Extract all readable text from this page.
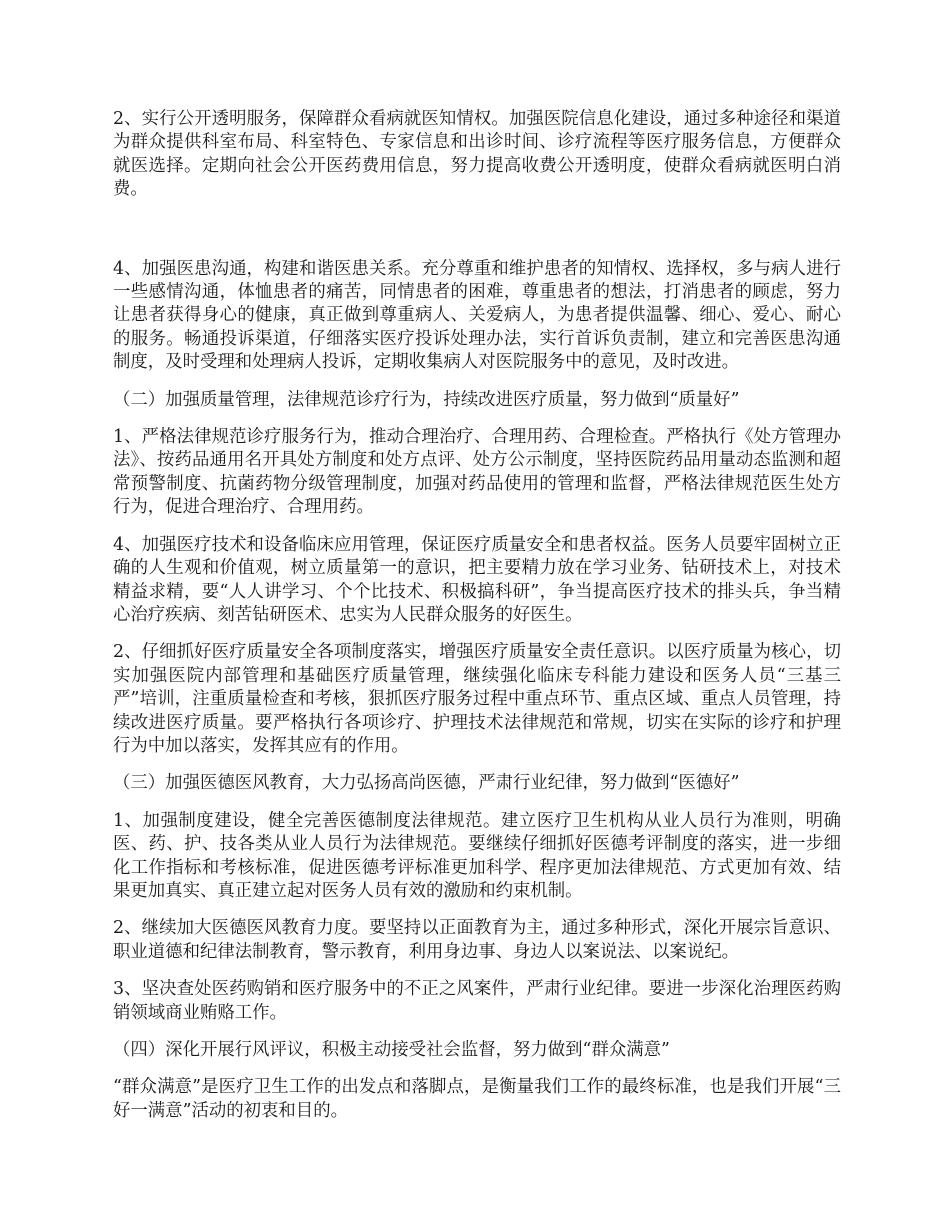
2、实行公开透明服务，保障群众看病就医知情权。加强医院信息化建设，通过多种途径和渠道为群众提供科室布局、科室特色、专家信息和出诊时间、诊疗流程等医疗服务信息，方便群众就医选择。定期向社会公开医药费用信息，努力提高收费公开透明度，使群众看病就医明白消费。

4、加强医患沟通，构建和谐医患关系。充分尊重和维护患者的知情权、选择权，多与病人进行一些感情沟通，体恤患者的痛苦，同情患者的困难，尊重患者的想法，打消患者的顾虑，努力让患者获得身心的健康，真正做到尊重病人、关爱病人，为患者提供温馨、细心、爱心、耐心的服务。畅通投诉渠道，仔细落实医疗投诉处理办法，实行首诉负责制，建立和完善医患沟通制度，及时受理和处理病人投诉，定期收集病人对医院服务中的意见，及时改进。

（二）加强质量管理，法律规范诊疗行为，持续改进医疗质量，努力做到“质量好”

1、严格法律规范诊疗服务行为，推动合理治疗、合理用药、合理检查。严格执行《处方管理办法》、按药品通用名开具处方制度和处方点评、处方公示制度，坚持医院药品用量动态监测和超常预警制度、抗菌药物分级管理制度，加强对药品使用的管理和监督，严格法律规范医生处方行为，促进合理治疗、合理用药。

4、加强医疗技术和设备临床应用管理，保证医疗质量安全和患者权益。医务人员要牢固树立正确的人生观和价值观，树立质量第一的意识，把主要精力放在学习业务、钻研技术上，对技术精益求精，要“人人讲学习、个个比技术、积极搞科研”，争当提高医疗技术的排头兵，争当精心治疗疾病、刻苦钻研医术、忠实为人民群众服务的好医生。

2、仔细抓好医疗质量安全各项制度落实，增强医疗质量安全责任意识。以医疗质量为核心，切实加强医院内部管理和基础医疗质量管理，继续强化临床专科能力建设和医务人员“三基三严”培训，注重质量检查和考核，狠抓医疗服务过程中重点环节、重点区域、重点人员管理，持续改进医疗质量。要严格执行各项诊疗、护理技术法律规范和常规，切实在实际的诊疗和护理行为中加以落实，发挥其应有的作用。

（三）加强医德医风教育，大力弘扬高尚医德，严肃行业纪律，努力做到“医德好”

1、加强制度建设，健全完善医德制度法律规范。建立医疗卫生机构从业人员行为准则，明确医、药、护、技各类从业人员行为法律规范。要继续仔细抓好医德考评制度的落实，进一步细化工作指标和考核标准，促进医德考评标准更加科学、程序更加法律规范、方式更加有效、结果更加真实、真正建立起对医务人员有效的激励和约束机制。

2、继续加大医德医风教育力度。要坚持以正面教育为主，通过多种形式，深化开展宗旨意识、职业道德和纪律法制教育，警示教育，利用身边事、身边人以案说法、以案说纪。

3、坚决查处医药购销和医疗服务中的不正之风案件，严肃行业纪律。要进一步深化治理医药购销领域商业贿赂工作。

（四）深化开展行风评议，积极主动接受社会监督，努力做到“群众满意”

“群众满意”是医疗卫生工作的出发点和落脚点，是衡量我们工作的最终标准，也是我们开展“三好一满意”活动的初衷和目的。
